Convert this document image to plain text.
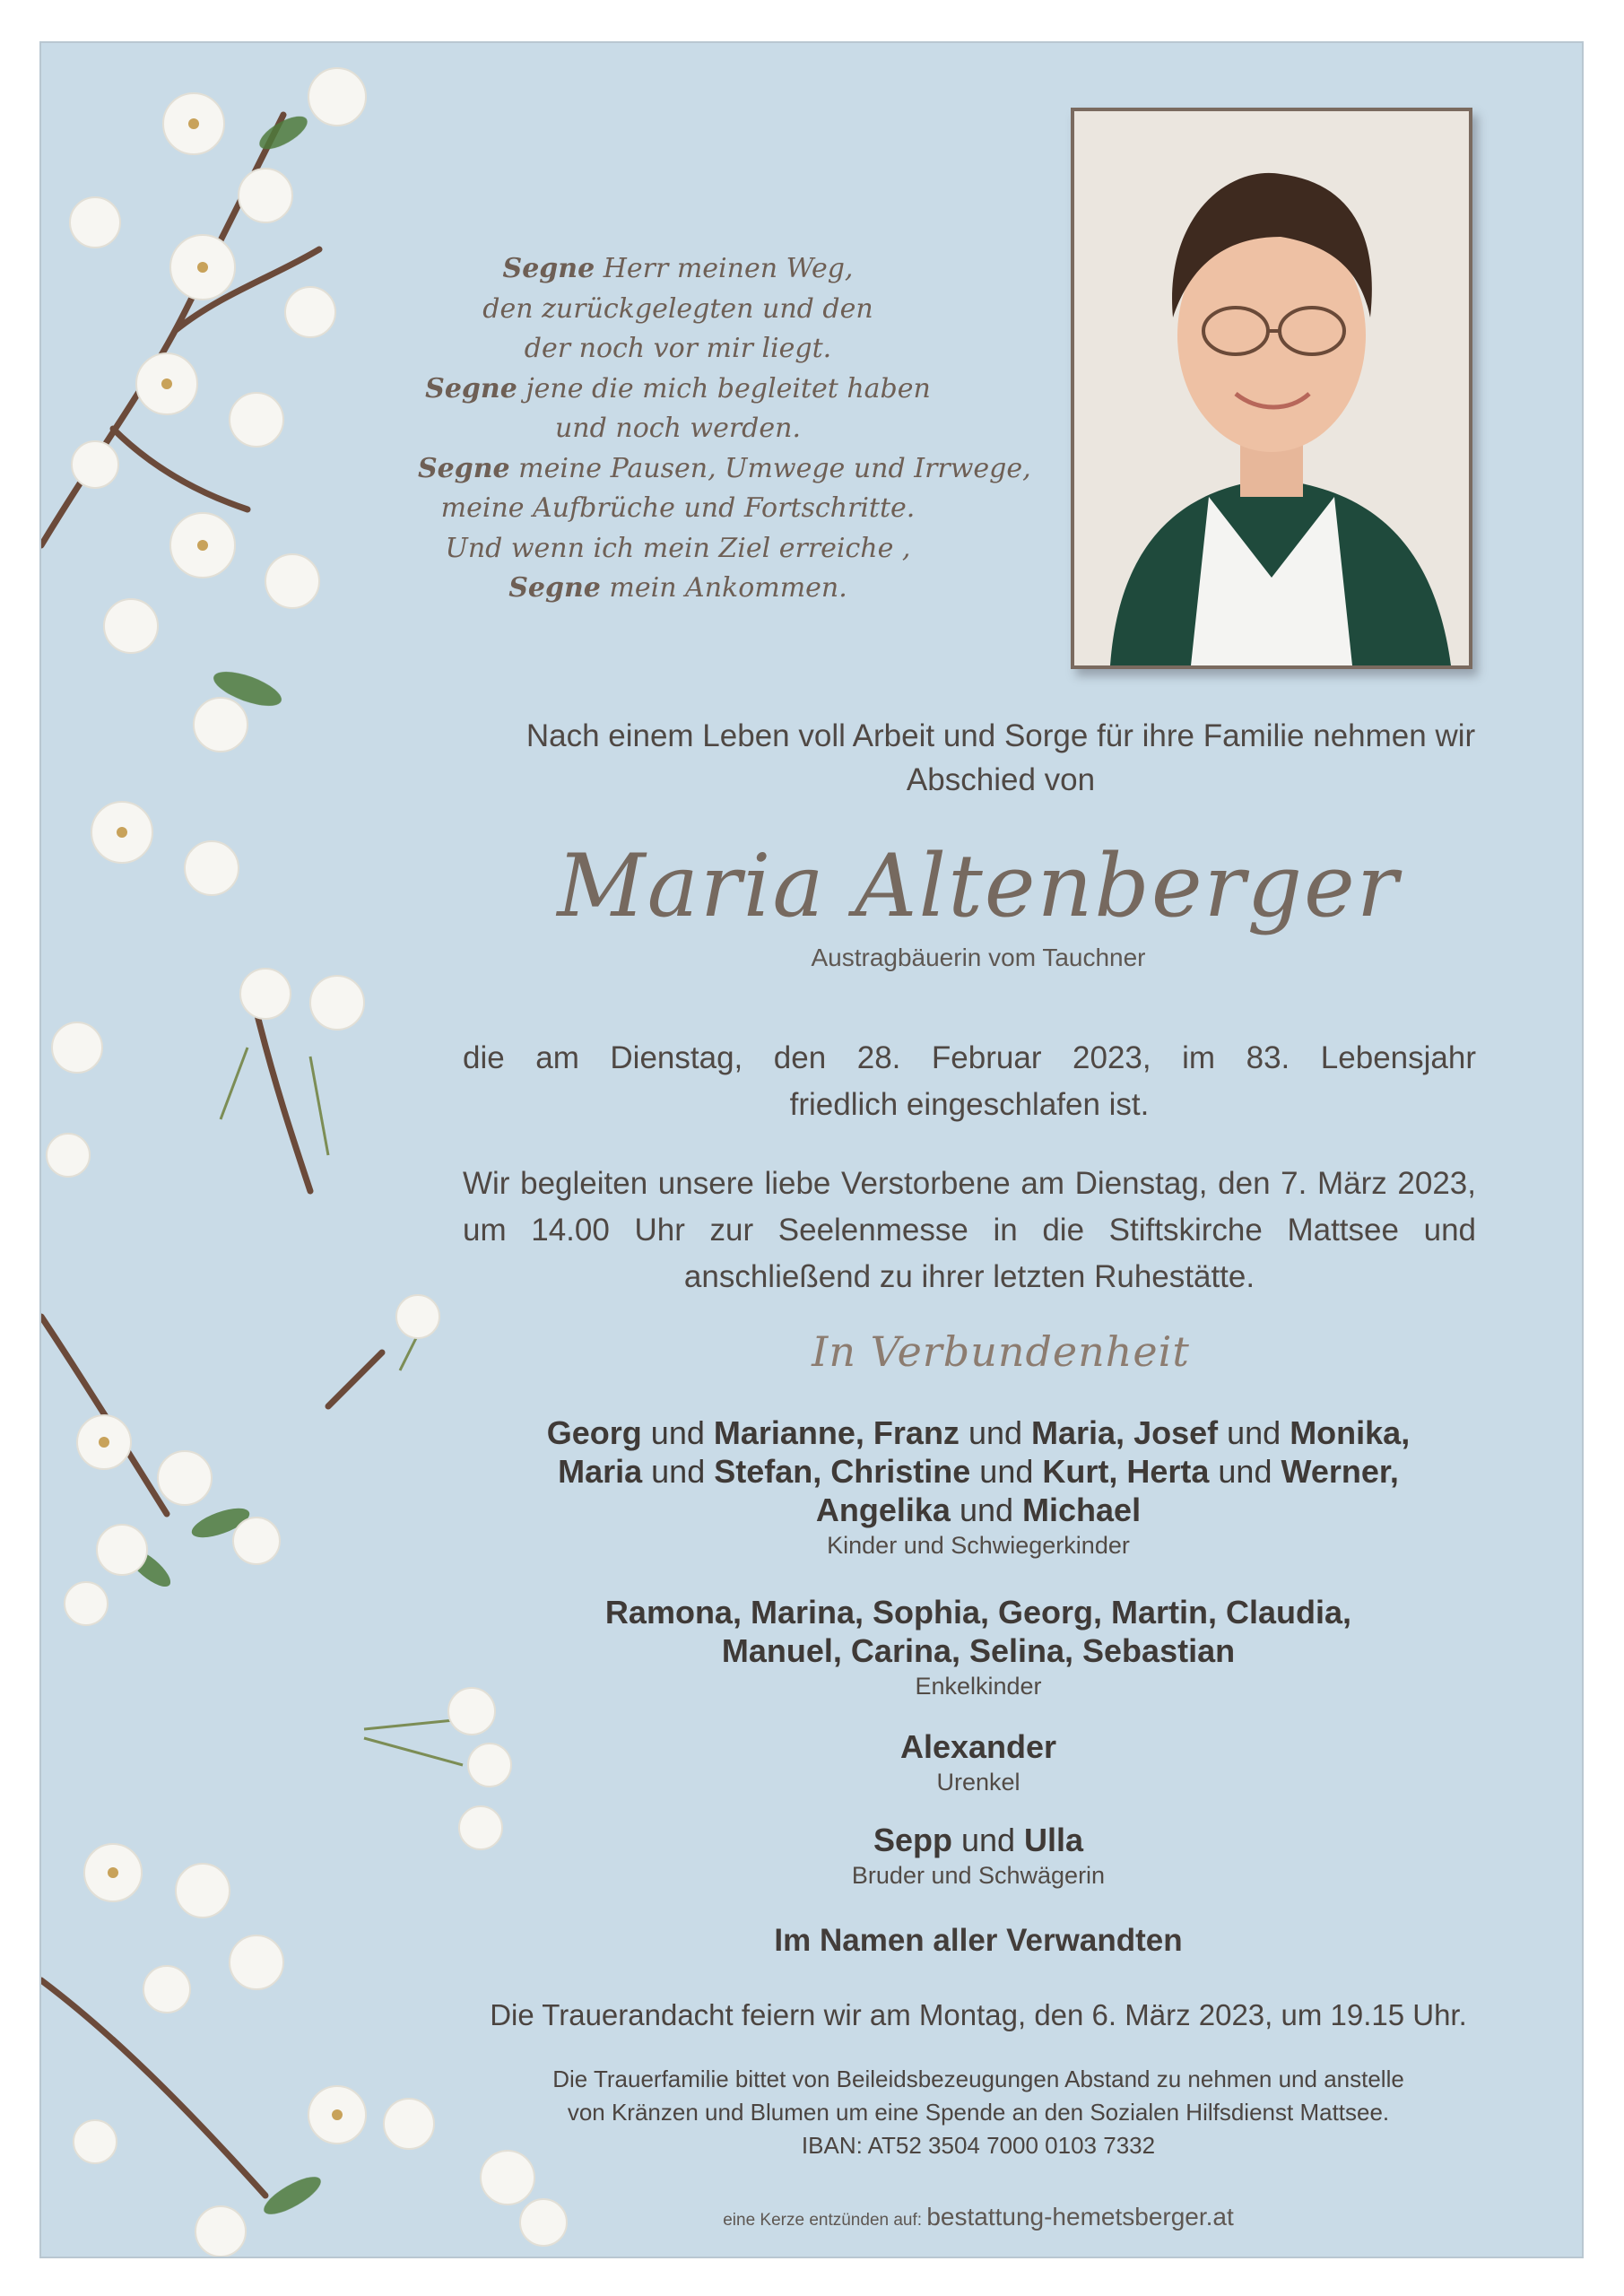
Segne Herr meinen Weg,
den zurückgelegten und den
der noch vor mir liegt.
Segne jene die mich begleitet haben
und noch werden.
Segne meine Pausen, Umwege und Irrwege,
meine Aufbrüche und Fortschritte.
Und wenn ich mein Ziel erreiche ,
Segne mein Ankommen.
Nach einem Leben voll Arbeit und Sorge für ihre Familie nehmen wir
Abschied von
Maria Altenberger
Austragbäuerin vom Tauchner
die am Dienstag, den 28. Februar 2023, im 83. Lebensjahr
friedlich eingeschlafen ist.
Wir begleiten unsere liebe Verstorbene am Dienstag, den 7. März 2023,
um 14.00 Uhr zur Seelenmesse in die Stiftskirche Mattsee und
anschließend zu ihrer letzten Ruhestätte.
In Verbundenheit
Georg und Marianne, Franz und Maria, Josef und Monika,
Maria und Stefan, Christine und Kurt, Herta und Werner,
Angelika und Michael
Kinder und Schwiegerkinder
Ramona, Marina, Sophia, Georg, Martin, Claudia,
Manuel, Carina, Selina, Sebastian
Enkelkinder
Alexander
Urenkel
Sepp und Ulla
Bruder und Schwägerin
Im Namen aller Verwandten
Die Trauerandacht feiern wir am Montag, den 6. März 2023, um 19.15 Uhr.
Die Trauerfamilie bittet von Beileidsbezeugungen Abstand zu nehmen und anstelle
von Kränzen und Blumen um eine Spende an den Sozialen Hilfsdienst Mattsee.
IBAN: AT52 3504 7000 0103 7332
eine Kerze entzünden auf: bestattung-hemetsberger.at
